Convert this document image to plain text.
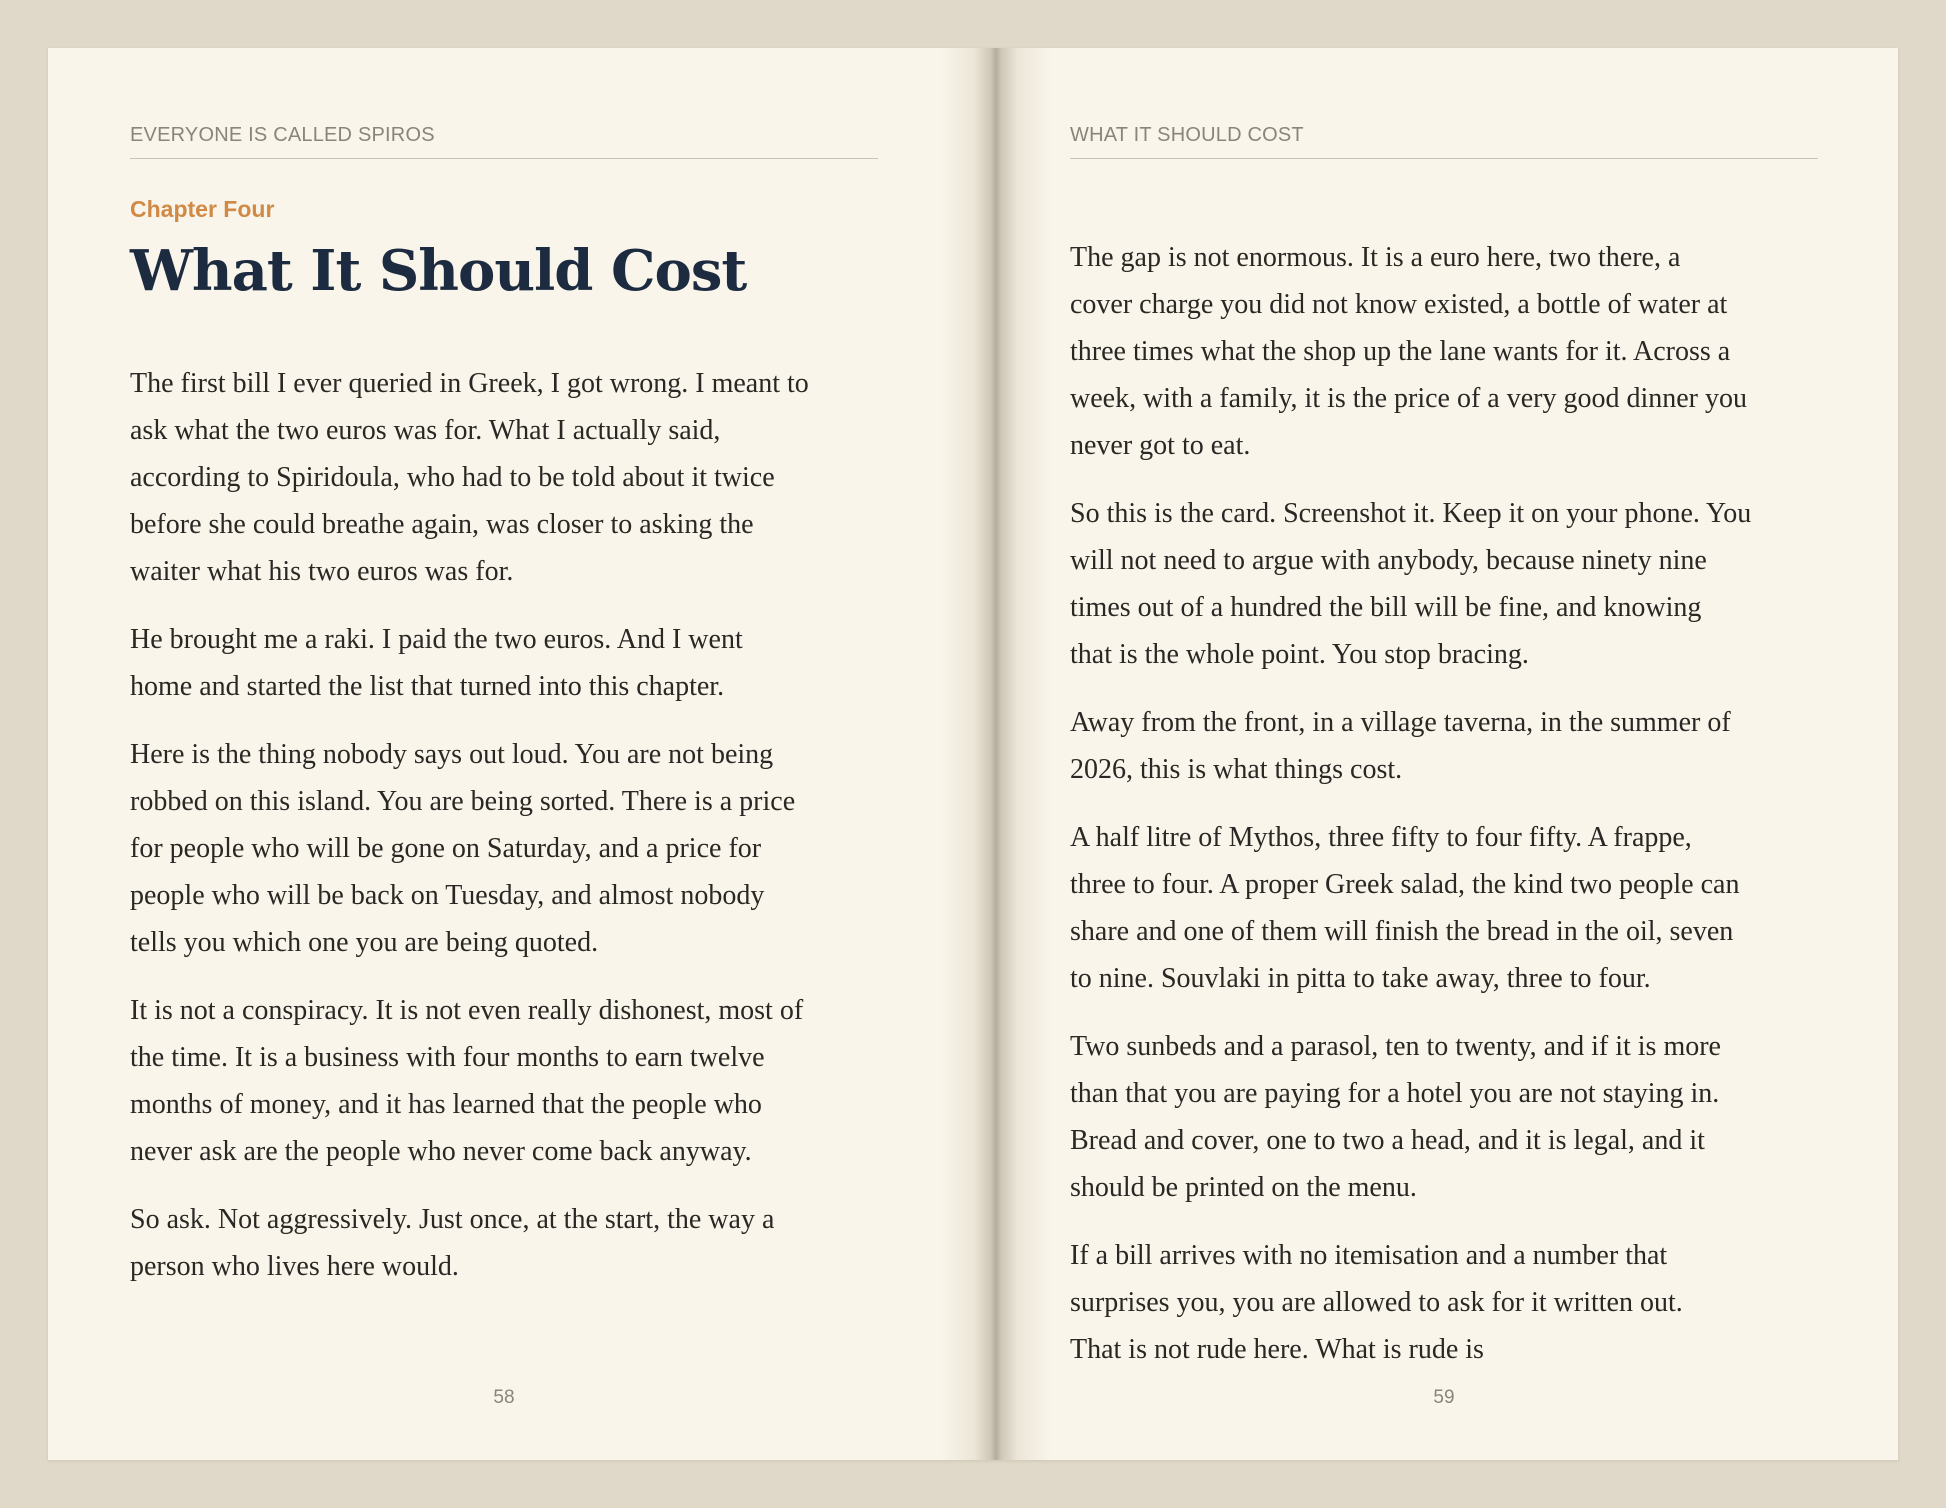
EVERYONE IS CALLED SPIROS
Chapter Four
What It Should Cost

The first bill I ever queried in Greek, I got wrong. I meant to
ask what the two euros was for. What I actually said,
according to Spiridoula, who had to be told about it twice
before she could breathe again, was closer to asking the
waiter what his two euros was for.

He brought me a raki. I paid the two euros. And I went
home and started the list that turned into this chapter.

Here is the thing nobody says out loud. You are not being
robbed on this island. You are being sorted. There is a price
for people who will be gone on Saturday, and a price for
people who will be back on Tuesday, and almost nobody
tells you which one you are being quoted.

It is not a conspiracy. It is not even really dishonest, most of
the time. It is a business with four months to earn twelve
months of money, and it has learned that the people who
never ask are the people who never come back anyway.

So ask. Not aggressively. Just once, at the start, the way a
person who lives here would.

58
WHAT IT SHOULD COST

The gap is not enormous. It is a euro here, two there, a
cover charge you did not know existed, a bottle of water at
three times what the shop up the lane wants for it. Across a
week, with a family, it is the price of a very good dinner you
never got to eat.

So this is the card. Screenshot it. Keep it on your phone. You
will not need to argue with anybody, because ninety nine
times out of a hundred the bill will be fine, and knowing
that is the whole point. You stop bracing.

Away from the front, in a village taverna, in the summer of
2026, this is what things cost.

A half litre of Mythos, three fifty to four fifty. A frappe,
three to four. A proper Greek salad, the kind two people can
share and one of them will finish the bread in the oil, seven
to nine. Souvlaki in pitta to take away, three to four.

Two sunbeds and a parasol, ten to twenty, and if it is more
than that you are paying for a hotel you are not staying in.
Bread and cover, one to two a head, and it is legal, and it
should be printed on the menu.

If a bill arrives with no itemisation and a number that
surprises you, you are allowed to ask for it written out.
That is not rude here. What is rude is

59
